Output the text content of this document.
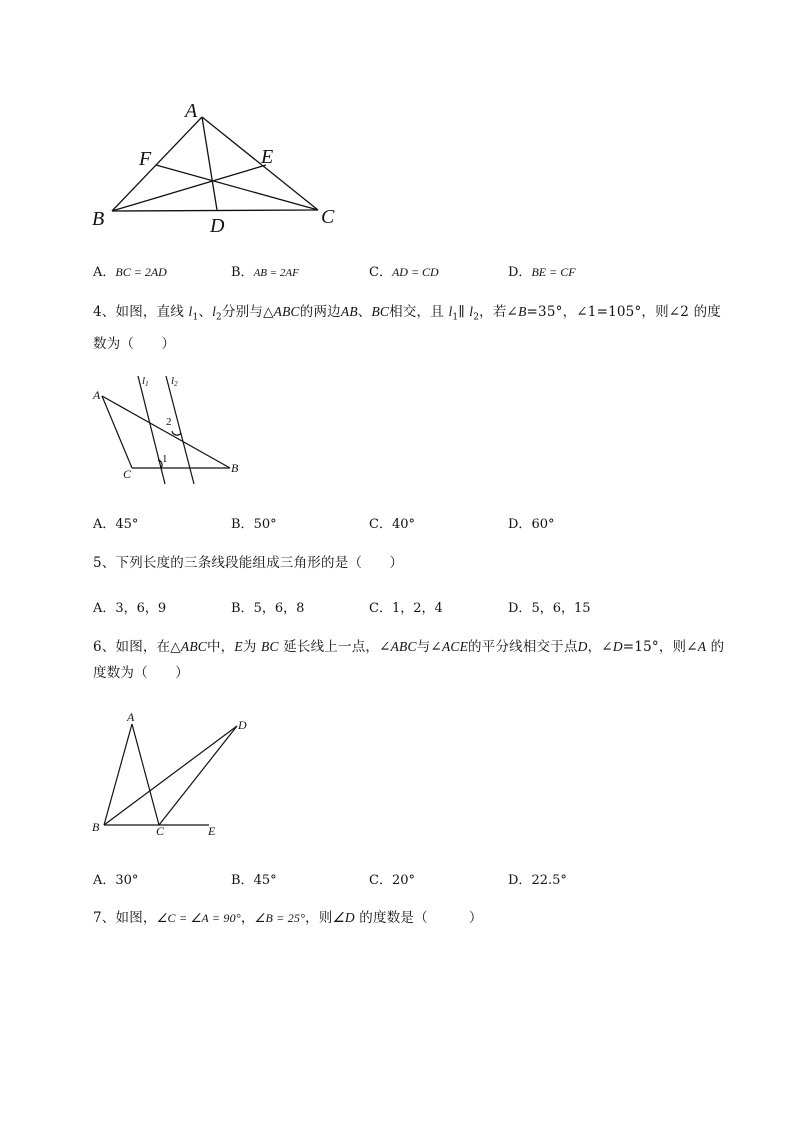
A
F	E
B	D	C
A．BC = 2AD	B．AB = 2AF	C．AD = CD	D．BE = CF
4、如图，直线 $l_1$、$l_2$分别与△ABC的两边AB、BC相交，且 $l_1\parallel$ $l_2$，若∠B=35°，∠1=105°，则∠2 的度数为（　　）
A
C	B
1
2
l1 l2
A．45°	B．50°	C．40°	D．60°
5、下列长度的三条线段能组成三角形的是（　　）
A．3，6，9	B．5，6，8	C．1，2，4	D．5，6，15
6、如图，在△ABC中，E为 BC 延长线上一点，∠ABC与∠ACE的平分线相交于点D，∠D=15°，则∠A 的度数为（　　）
A
D
B	C	E
A．30°	B．45°	C．20°	D．22.5°
7、如图，∠C = ∠A = 90°，∠B = 25°，则∠D 的度数是（　　　）
